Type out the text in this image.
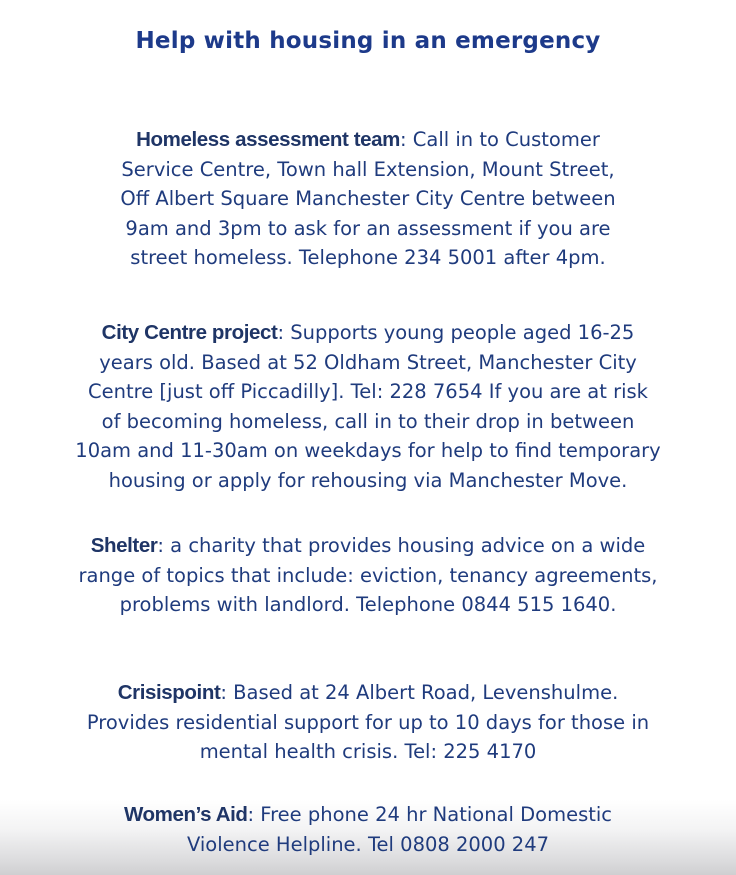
Help with housing in an emergency
Homeless assessment team: Call in to Customer
Service Centre, Town hall Extension, Mount Street,
Off Albert Square Manchester City Centre between
9am and 3pm to ask for an assessment if you are
street homeless. Telephone 234 5001 after 4pm.
City Centre project: Supports young people aged 16-25
years old. Based at 52 Oldham Street, Manchester City
Centre [just off Piccadilly]. Tel: 228 7654 If you are at risk
of becoming homeless, call in to their drop in between
10am and 11-30am on weekdays for help to find temporary
housing or apply for rehousing via Manchester Move.
Shelter: a charity that provides housing advice on a wide
range of topics that include: eviction, tenancy agreements,
problems with landlord. Telephone 0844 515 1640.
Crisispoint: Based at 24 Albert Road, Levenshulme.
Provides residential support for up to 10 days for those in
mental health crisis. Tel: 225 4170
Women’s Aid: Free phone 24 hr National Domestic
Violence Helpline. Tel 0808 2000 247
